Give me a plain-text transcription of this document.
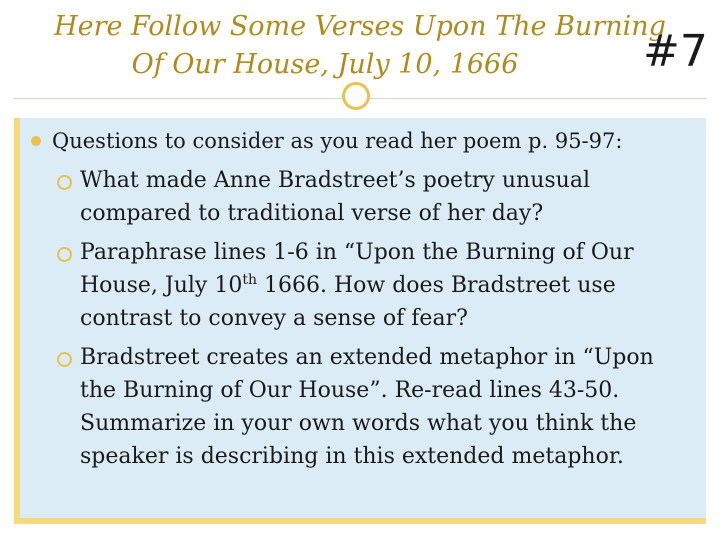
Here Follow Some Verses Upon The Burning
Of Our House, July 10, 1666	#7
Questions to consider as you read her poem p. 95-97:
What made Anne Bradstreet’s poetry unusual compared to traditional verse of her day?
Paraphrase lines 1-6 in “Upon the Burning of Our House, July 10th 1666. How does Bradstreet use contrast to convey a sense of fear?
Bradstreet creates an extended metaphor in “Upon the Burning of Our House”. Re-read lines 43-50. Summarize in your own words what you think the speaker is describing in this extended metaphor.
